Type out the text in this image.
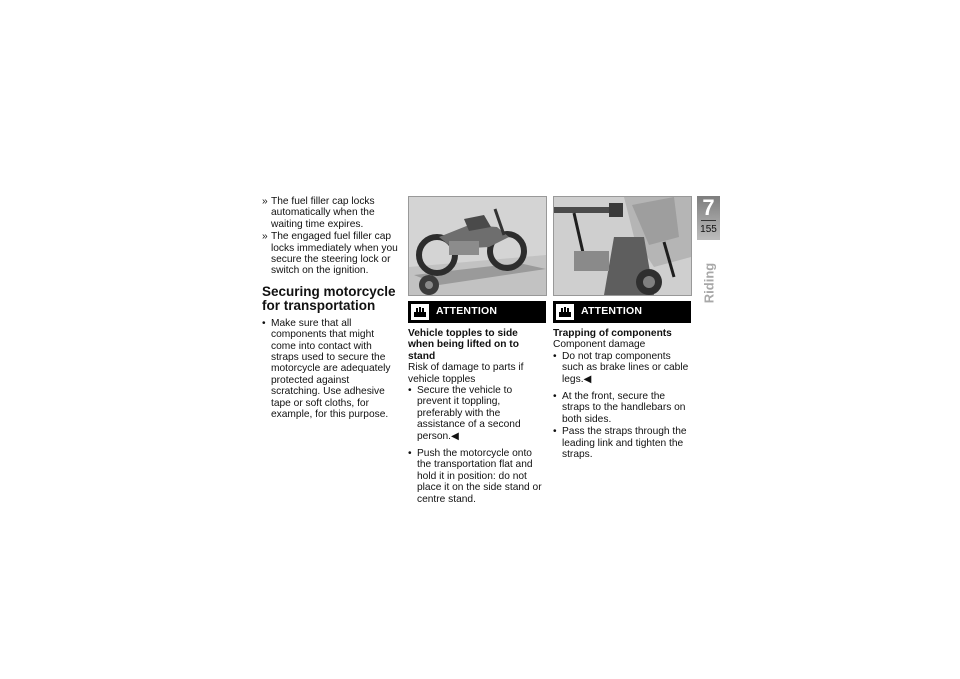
» The fuel filler cap locks automatically when the waiting time expires.
» The engaged fuel filler cap locks immediately when you secure the steering lock or switch on the ignition.
Securing motorcycle for transportation
• Make sure that all components that might come into contact with straps used to secure the motorcycle are adequately protected against scratching. Use adhesive tape or soft cloths, for example, for this purpose.
ATTENTION
Vehicle topples to side when being lifted on to stand
Risk of damage to parts if vehicle topples
• Secure the vehicle to prevent it toppling, preferably with the assistance of a second person.◀
• Push the motorcycle onto the transportation flat and hold it in position: do not place it on the side stand or centre stand.
ATTENTION
Trapping of components
Component damage
• Do not trap components such as brake lines or cable legs.◀
• At the front, secure the straps to the handlebars on both sides.
• Pass the straps through the leading link and tighten the straps.
7
155
Riding
